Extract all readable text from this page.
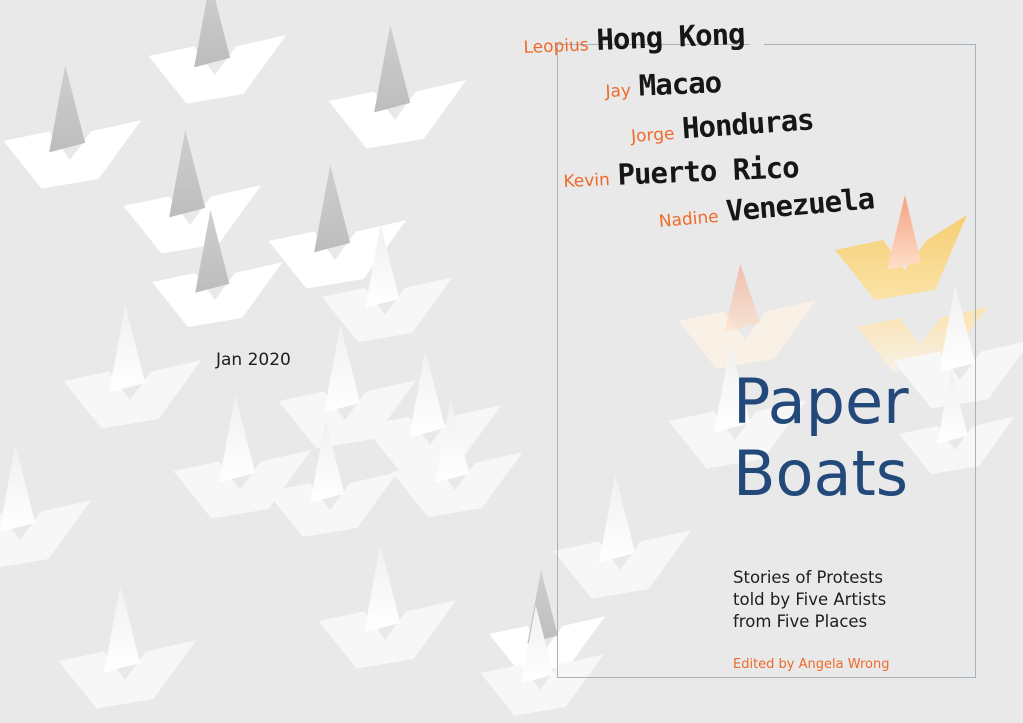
Jan 2020
Leopius Hong Kong
Jay Macao
Jorge Honduras
Kevin Puerto Rico
Nadine Venezuela
Paper
Boats
Stories of Protests
told by Five Artists
from Five Places
Edited by Angela Wrong
